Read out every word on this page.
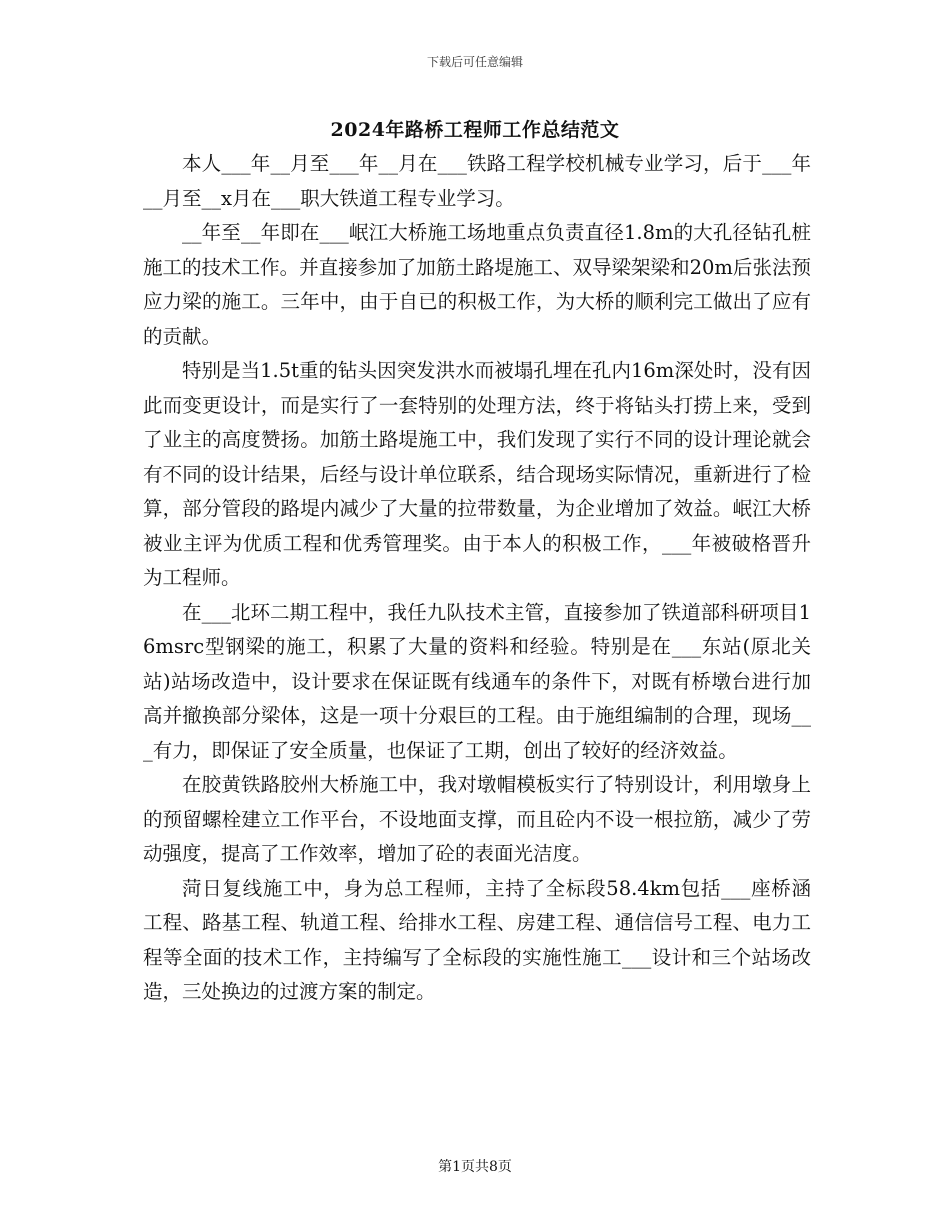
下载后可任意编辑
2024年路桥工程师工作总结范文

本人___年__月至___年__月在___铁路工程学校机械专业学习，后于___年__月至__x月在___职大铁道工程专业学习。

__年至__年即在___岷江大桥施工场地重点负责直径1.8m的大孔径钻孔桩施工的技术工作。并直接参加了加筋土路堤施工、双导梁架梁和20m后张法预应力梁的施工。三年中，由于自已的积极工作，为大桥的顺利完工做出了应有的贡献。

特别是当1.5t重的钻头因突发洪水而被塌孔埋在孔内16m深处时，没有因此而变更设计，而是实行了一套特别的处理方法，终于将钻头打捞上来，受到了业主的高度赞扬。加筋土路堤施工中，我们发现了实行不同的设计理论就会有不同的设计结果，后经与设计单位联系，结合现场实际情况，重新进行了检算，部分管段的路堤内减少了大量的拉带数量，为企业增加了效益。岷江大桥被业主评为优质工程和优秀管理奖。由于本人的积极工作，___年被破格晋升为工程师。

在___北环二期工程中，我任九队技术主管，直接参加了铁道部科研项目16msrc型钢梁的施工，积累了大量的资料和经验。特别是在___东站(原北关站)站场改造中，设计要求在保证既有线通车的条件下，对既有桥墩台进行加高并撤换部分梁体，这是一项十分艰巨的工程。由于施组编制的合理，现场___有力，即保证了安全质量，也保证了工期，创出了较好的经济效益。

在胶黄铁路胶州大桥施工中，我对墩帽模板实行了特别设计，利用墩身上的预留螺栓建立工作平台，不设地面支撑，而且砼内不设一根拉筋，减少了劳动强度，提高了工作效率，增加了砼的表面光洁度。

菏日复线施工中，身为总工程师，主持了全标段58.4km包括___座桥涵工程、路基工程、轨道工程、给排水工程、房建工程、通信信号工程、电力工程等全面的技术工作，主持编写了全标段的实施性施工___设计和三个站场改造，三处换边的过渡方案的制定。

第1页共8页
